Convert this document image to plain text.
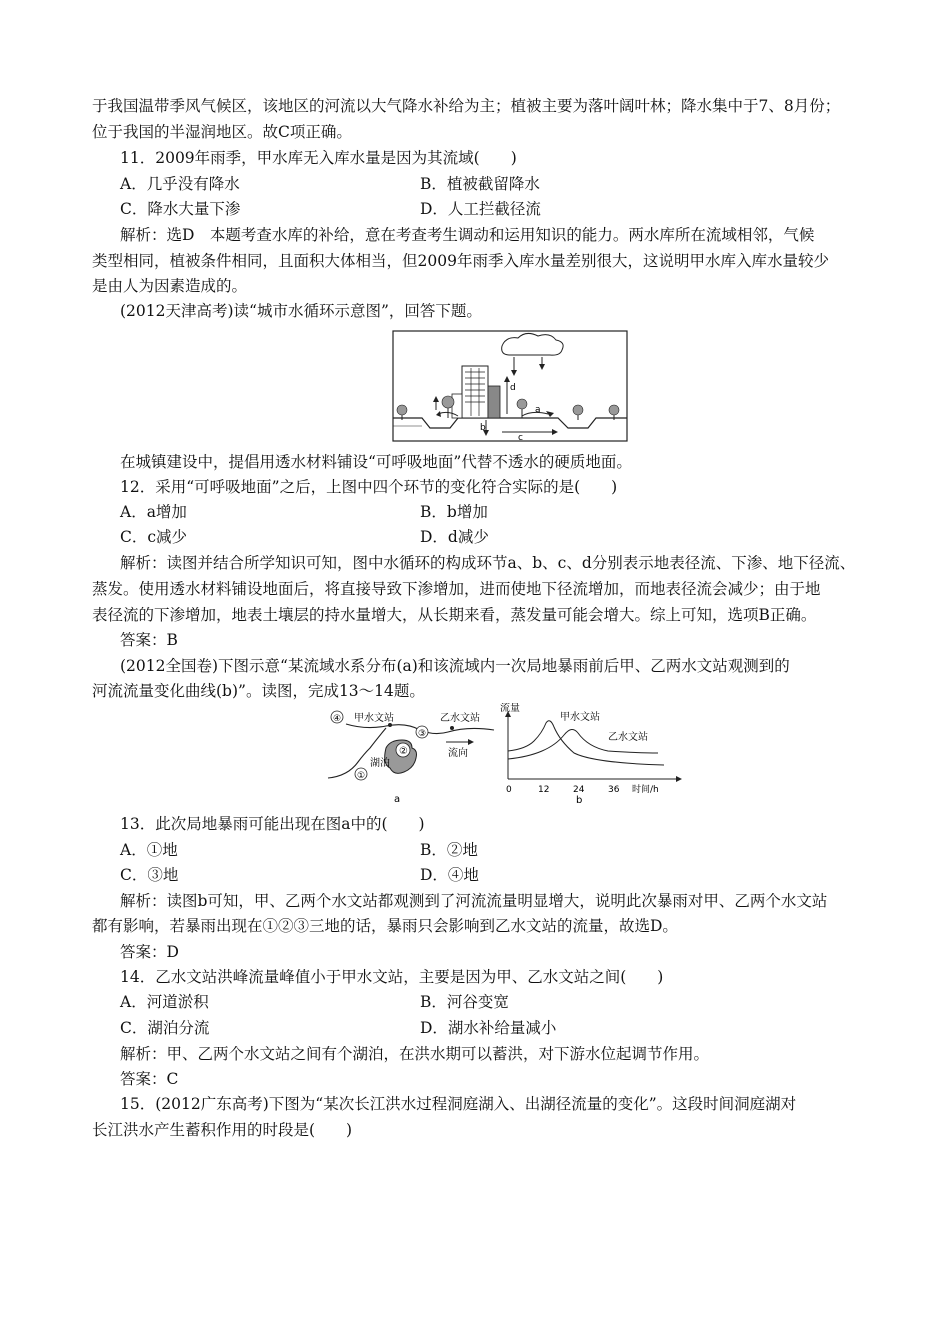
于我国温带季风气候区，该地区的河流以大气降水补给为主；植被主要为落叶阔叶林；降水集中于7、8月份；
位于我国的半湿润地区。故C项正确。
11．2009年雨季，甲水库无入库水量是因为其流域(　　)
A．几乎没有降水	B．植被截留降水
C．降水大量下渗	D．人工拦截径流
解析：选D　本题考查水库的补给，意在考查考生调动和运用知识的能力。两水库所在流域相邻，气候
类型相同，植被条件相同，且面积大体相当，但2009年雨季入库水量差别很大，这说明甲水库入库水量较少
是由人为因素造成的。
(2012天津高考)读“城市水循环示意图”，回答下题。
d
b
c
a
在城镇建设中，提倡用透水材料铺设“可呼吸地面”代替不透水的硬质地面。
12．采用“可呼吸地面”之后，上图中四个环节的变化符合实际的是(　　)
A．a增加	B．b增加
C．c减少	D．d减少
解析：读图并结合所学知识可知，图中水循环的构成环节a、b、c、d分别表示地表径流、下渗、地下径流、
蒸发。使用透水材料铺设地面后，将直接导致下渗增加，进而使地下径流增加，而地表径流会减少；由于地
表径流的下渗增加，地表土壤层的持水量增大，从长期来看，蒸发量可能会增大。综上可知，选项B正确。
答案：B
(2012全国卷)下图示意“某流域水系分布(a)和该流域内一次局地暴雨前后甲、乙两水文站观测到的
河流流量变化曲线(b)”。读图，完成13～14题。
②
④
①
③
甲水文站	乙水文站
湖泊
流向
a
流量
0	12	24	36 时间/h
甲水文站
乙水文站
b
13．此次局地暴雨可能出现在图a中的(　　)
A．①地	B．②地
C．③地	D．④地
解析：读图b可知，甲、乙两个水文站都观测到了河流流量明显增大，说明此次暴雨对甲、乙两个水文站
都有影响，若暴雨出现在①②③三地的话，暴雨只会影响到乙水文站的流量，故选D。
答案：D
14．乙水文站洪峰流量峰值小于甲水文站，主要是因为甲、乙水文站之间(　　)
A．河道淤积	B．河谷变宽
C．湖泊分流	D．湖水补给量减小
解析：甲、乙两个水文站之间有个湖泊，在洪水期可以蓄洪，对下游水位起调节作用。
答案：C
15．(2012广东高考)下图为“某次长江洪水过程洞庭湖入、出湖径流量的变化”。这段时间洞庭湖对
长江洪水产生蓄积作用的时段是(　　)
